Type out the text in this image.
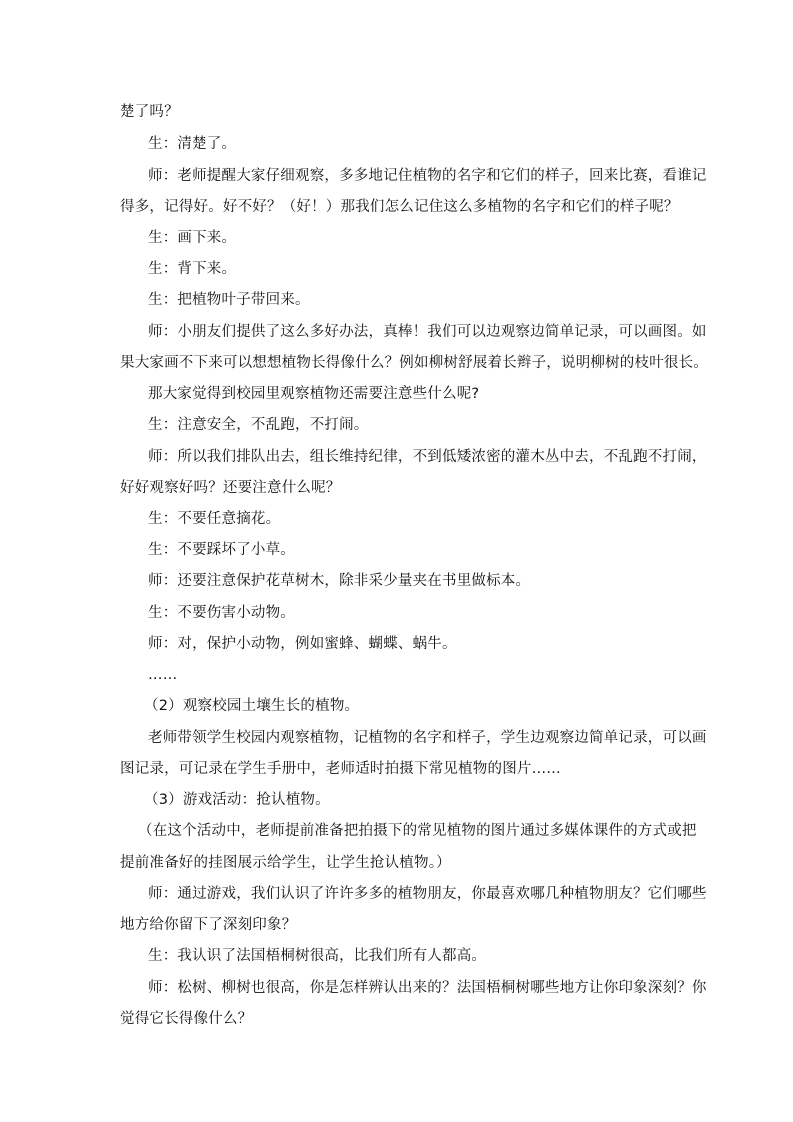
楚了吗？
生：清楚了。
师：老师提醒大家仔细观察，多多地记住植物的名字和它们的样子，回来比赛，看谁记
得多，记得好。好不好？（好！）那我们怎么记住这么多植物的名字和它们的样子呢？
生：画下来。
生：背下来。
生：把植物叶子带回来。
师：小朋友们提供了这么多好办法，真棒！我们可以边观察边简单记录，可以画图。如
果大家画不下来可以想想植物长得像什么？例如柳树舒展着长辫子，说明柳树的枝叶很长。
那大家觉得到校园里观察植物还需要注意些什么呢?
生：注意安全，不乱跑，不打闹。
师：所以我们排队出去，组长维持纪律，不到低矮浓密的灌木丛中去，不乱跑不打闹，
好好观察好吗？还要注意什么呢？
生：不要任意摘花。
生：不要踩坏了小草。
师：还要注意保护花草树木，除非采少量夹在书里做标本。
生：不要伤害小动物。
师：对，保护小动物，例如蜜蜂、蝴蝶、蜗牛。
……
（2）观察校园土壤生长的植物。
老师带领学生校园内观察植物，记植物的名字和样子，学生边观察边简单记录，可以画
图记录，可记录在学生手册中，老师适时拍摄下常见植物的图片……
（3）游戏活动：抢认植物。
（在这个活动中，老师提前准备把拍摄下的常见植物的图片通过多媒体课件的方式或把
提前准备好的挂图展示给学生，让学生抢认植物。）
师：通过游戏，我们认识了许许多多的植物朋友，你最喜欢哪几种植物朋友？它们哪些
地方给你留下了深刻印象？
生：我认识了法国梧桐树很高，比我们所有人都高。
师：松树、柳树也很高，你是怎样辨认出来的？法国梧桐树哪些地方让你印象深刻？你
觉得它长得像什么？
